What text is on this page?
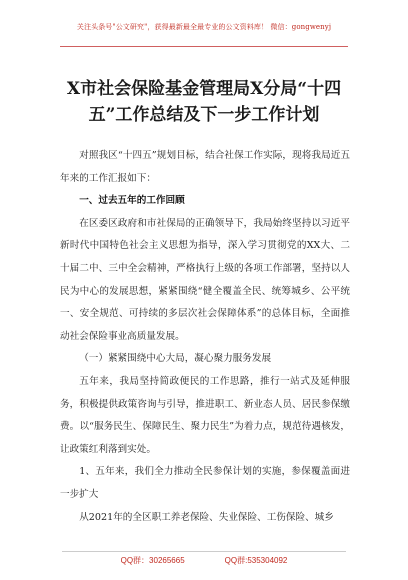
关注头条号"公文研究"，获得最新最全最专业的公文资料库！ 微信：gongwenyj
X市社会保险基金管理局X分局“十四
五”工作总结及下一步工作计划

对照我区“十四五”规划目标，结合社保工作实际，现将我局近五年来的工作汇报如下：

一、过去五年的工作回顾

在区委区政府和市社保局的正确领导下，我局始终坚持以习近平新时代中国特色社会主义思想为指导，深入学习贯彻党的XX大、二十届二中、三中全会精神，严格执行上级的各项工作部署，坚持以人民为中心的发展思想，紧紧围绕“健全覆盖全民、统筹城乡、公平统一、安全规范、可持续的多层次社会保障体系”的总体目标，全面推动社会保险事业高质量发展。

（一）紧紧围绕中心大局，凝心聚力服务发展

五年来，我局坚持简政便民的工作思路，推行一站式及延伸服务，积极提供政策咨询与引导，推进职工、新业态人员、居民参保缴费。以“服务民生、保障民生、聚力民生”为着力点，规范待遇核发，让政策红利落到实处。

1、五年来，我们全力推动全民参保计划的实施，参保覆盖面进一步扩大

从2021年的全区职工养老保险、失业保险、工伤保险、城乡

QQ群：30265665	QQ群:535304092
